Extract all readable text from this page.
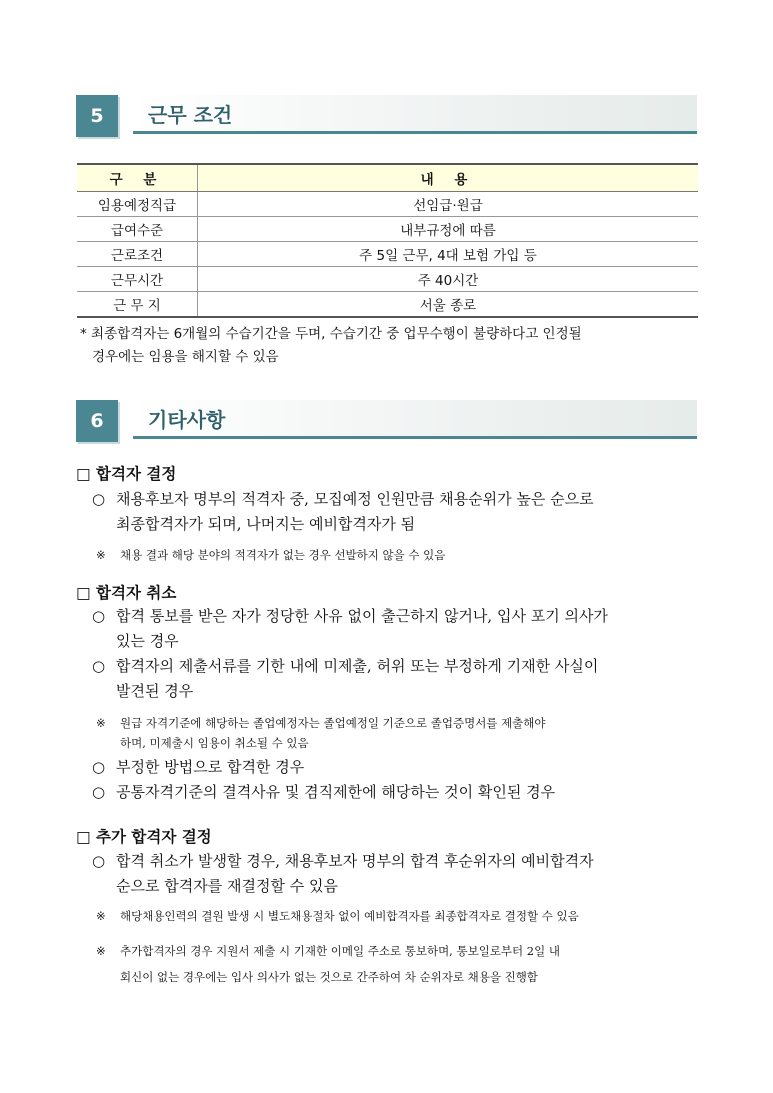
5	근무 조건
구 분	내 용
임용예정직급	선임급·원급
급여수준	내부규정에 따름
근로조건	주 5일 근무, 4대 보험 가입 등
근무시간	주 40시간
근 무 지	서울 종로
* 최종합격자는 6개월의 수습기간을 두며, 수습기간 중 업무수행이 불량하다고 인정될
경우에는 임용을 해지할 수 있음
6	기타사항
□ 합격자 결정
○ 채용후보자 명부의 적격자 중, 모집예정 인원만큼 채용순위가 높은 순으로
최종합격자가 되며, 나머지는 예비합격자가 됨
※ 채용 결과 해당 분야의 적격자가 없는 경우 선발하지 않을 수 있음
□ 합격자 취소
○ 합격 통보를 받은 자가 정당한 사유 없이 출근하지 않거나, 입사 포기 의사가
있는 경우
○ 합격자의 제출서류를 기한 내에 미제출, 허위 또는 부정하게 기재한 사실이
발견된 경우
※ 원급 자격기준에 해당하는 졸업예정자는 졸업예정일 기준으로 졸업증명서를 제출해야
하며, 미제출시 임용이 취소될 수 있음
○ 부정한 방법으로 합격한 경우
○ 공통자격기준의 결격사유 및 겸직제한에 해당하는 것이 확인된 경우
□ 추가 합격자 결정
○ 합격 취소가 발생할 경우, 채용후보자 명부의 합격 후순위자의 예비합격자
순으로 합격자를 재결정할 수 있음
※ 해당채용인력의 결원 발생 시 별도채용절차 없이 예비합격자를 최종합격자로 결정할 수 있음
※ 추가합격자의 경우 지원서 제출 시 기재한 이메일 주소로 통보하며, 통보일로부터 2일 내
회신이 없는 경우에는 입사 의사가 없는 것으로 간주하여 차 순위자로 채용을 진행함
